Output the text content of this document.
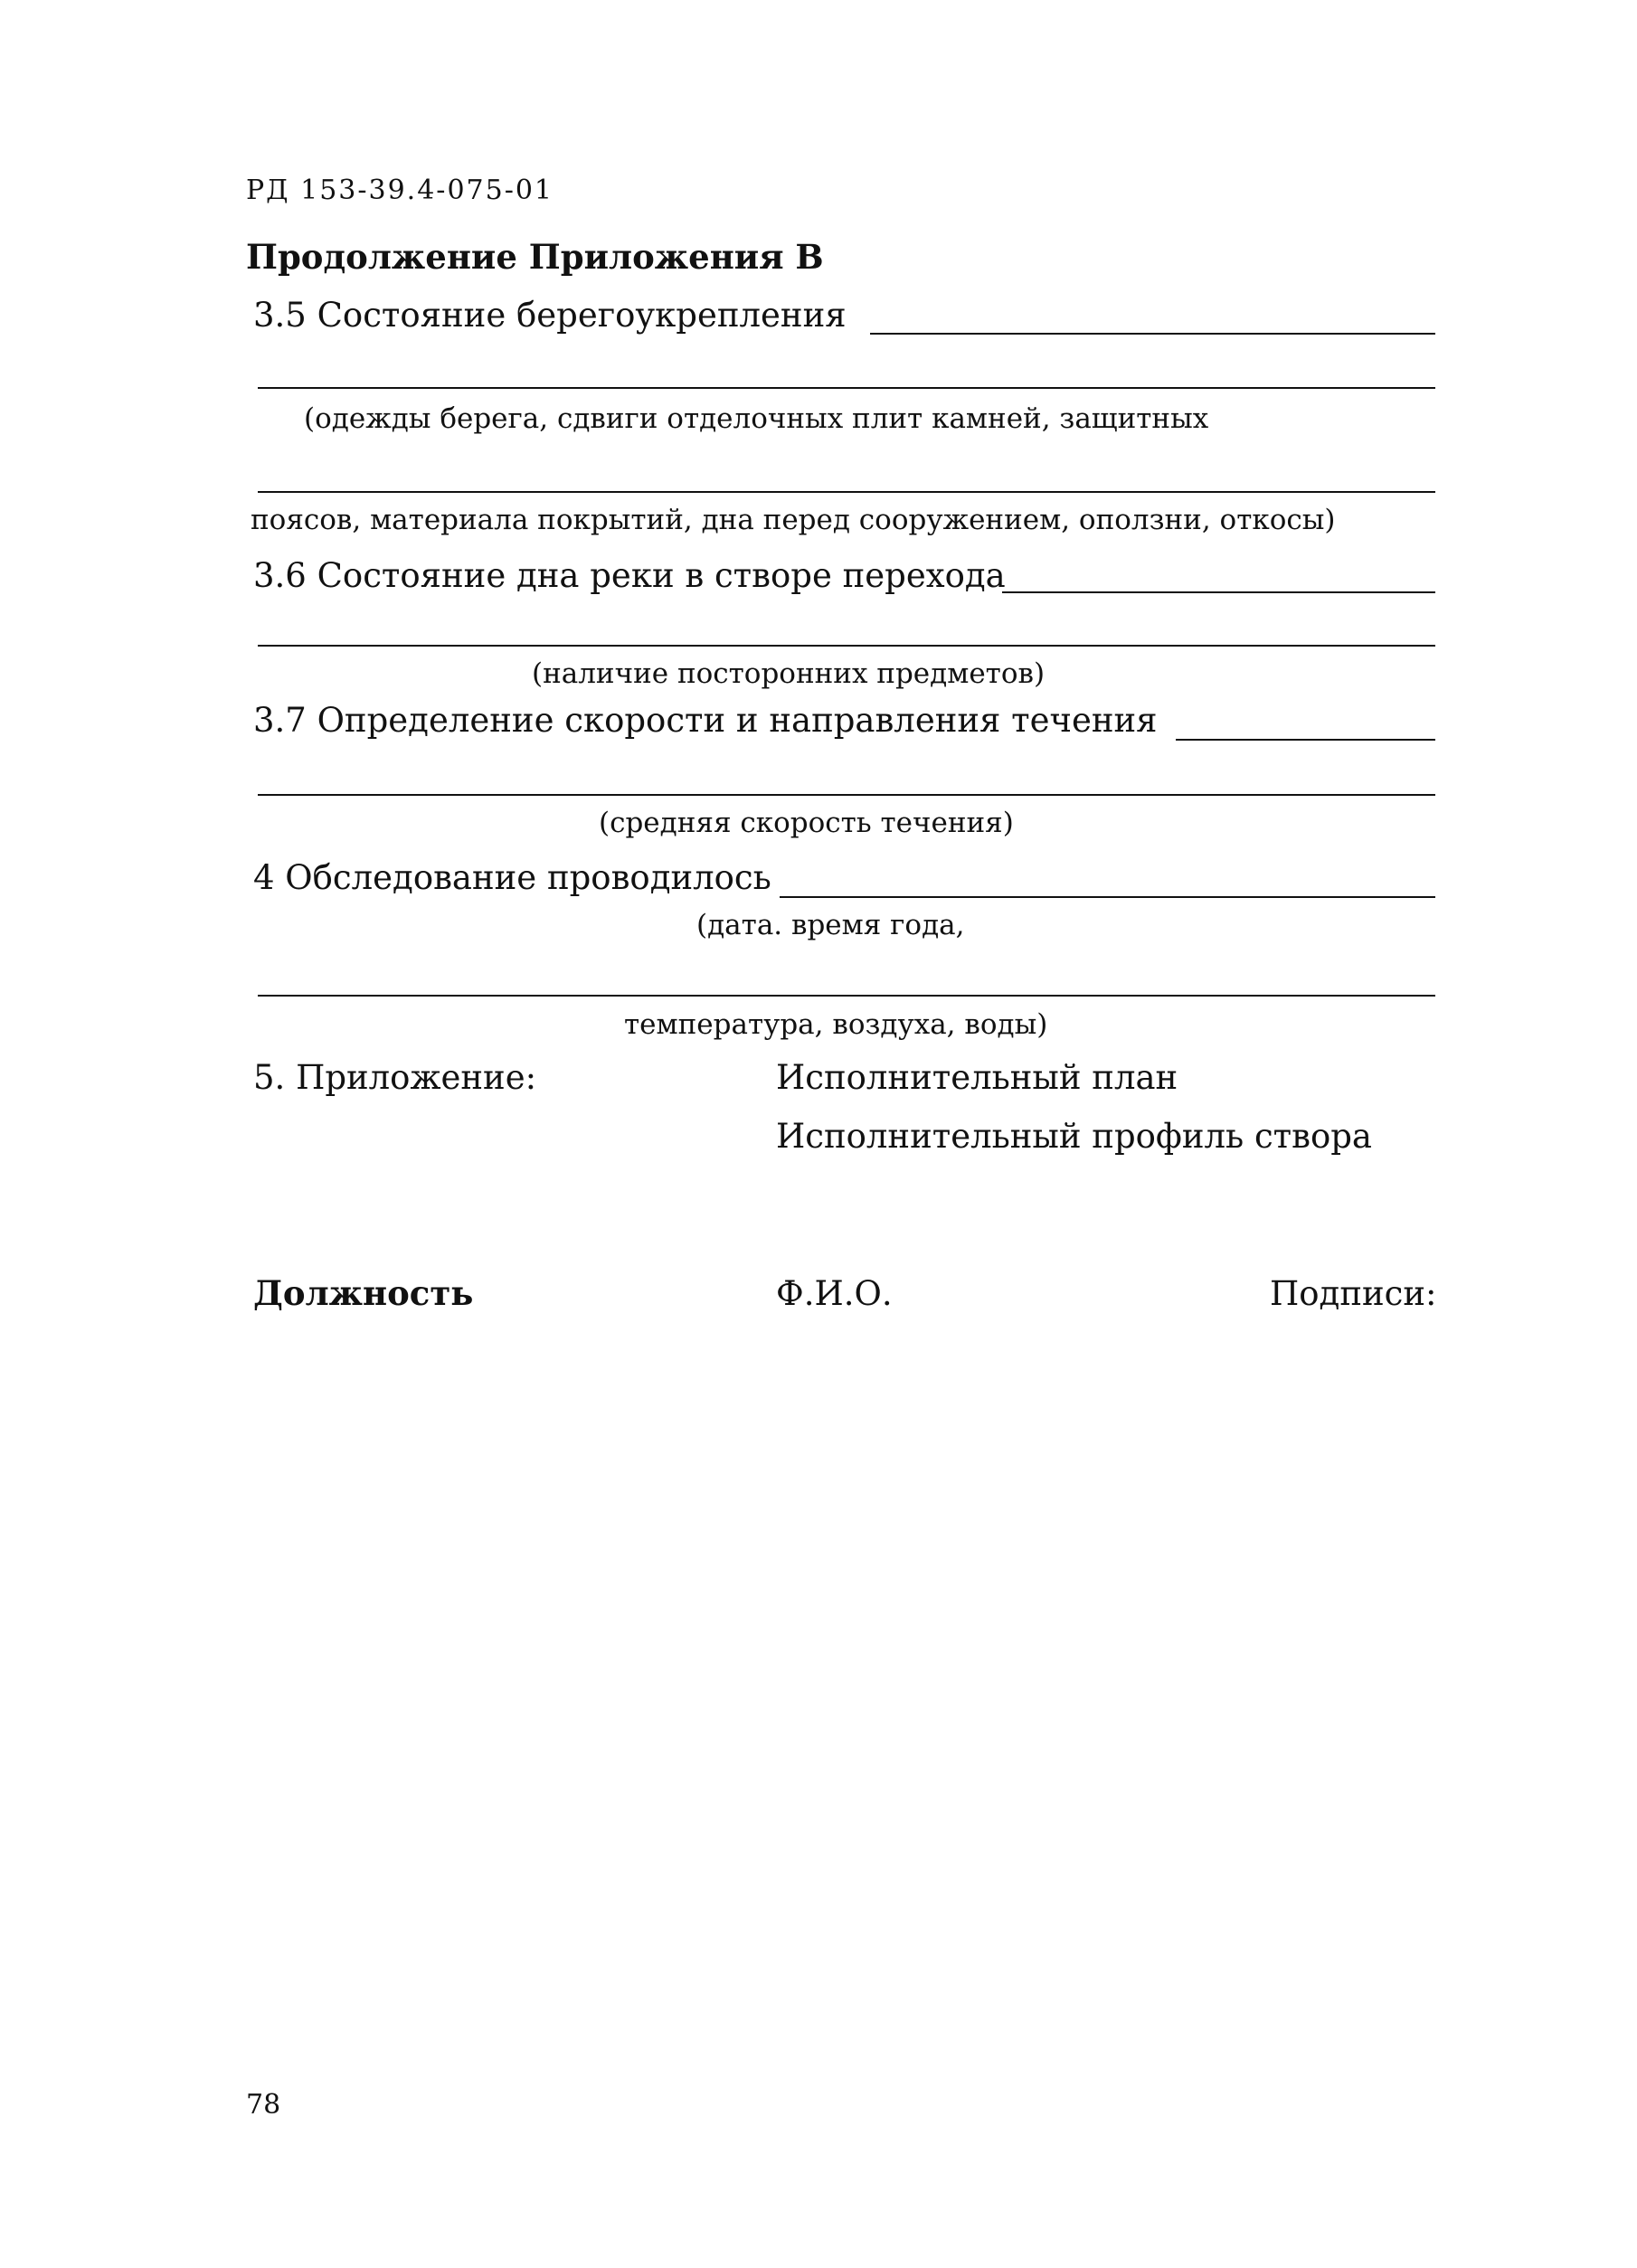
РД 153-39.4-075-01
Продолжение Приложения В
3.5 Состояние берегоукрепления
(одежды берега, сдвиги отделочных плит камней, защитных
поясов, материала покрытий, дна перед сооружением, оползни, откосы)
3.6 Состояние дна реки в створе перехода
(наличие посторонних предметов)
3.7 Определение скорости и направления течения
(средняя скорость течения)
4 Обследование проводилось
(дата. время года,
температура, воздуха, воды)
5. Приложение:	Исполнительный план
Исполнительный профиль створа
Должность	Ф.И.О.	Подписи:
78
